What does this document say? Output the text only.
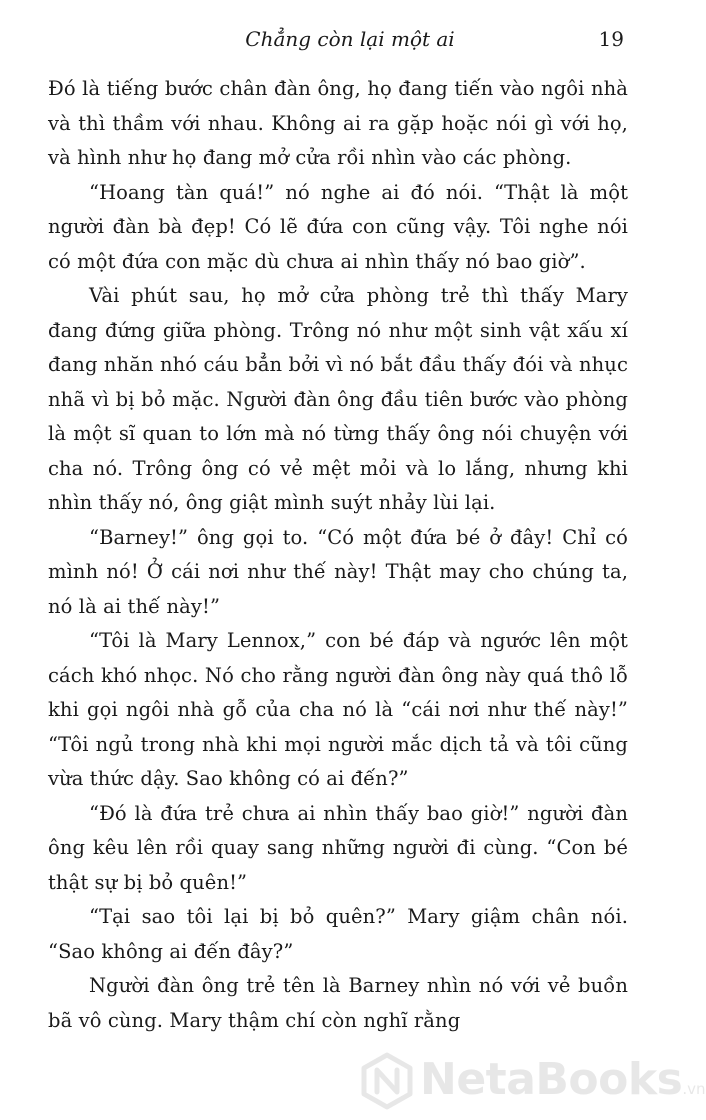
Chẳng còn lại một ai	19

Đó là tiếng bước chân đàn ông, họ đang tiến vào ngôi nhà và thì thầm với nhau. Không ai ra gặp hoặc nói gì với họ, và hình như họ đang mở cửa rồi nhìn vào các phòng.

“Hoang tàn quá!” nó nghe ai đó nói. “Thật là một người đàn bà đẹp! Có lẽ đứa con cũng vậy. Tôi nghe nói có một đứa con mặc dù chưa ai nhìn thấy nó bao giờ”.

Vài phút sau, họ mở cửa phòng trẻ thì thấy Mary đang đứng giữa phòng. Trông nó như một sinh vật xấu xí đang nhăn nhó cáu bẳn bởi vì nó bắt đầu thấy đói và nhục nhã vì bị bỏ mặc. Người đàn ông đầu tiên bước vào phòng là một sĩ quan to lớn mà nó từng thấy ông nói chuyện với cha nó. Trông ông có vẻ mệt mỏi và lo lắng, nhưng khi nhìn thấy nó, ông giật mình suýt nhảy lùi lại.

“Barney!” ông gọi to. “Có một đứa bé ở đây! Chỉ có mình nó! Ở cái nơi như thế này! Thật may cho chúng ta, nó là ai thế này!”

“Tôi là Mary Lennox,” con bé đáp và ngước lên một cách khó nhọc. Nó cho rằng người đàn ông này quá thô lỗ khi gọi ngôi nhà gỗ của cha nó là “cái nơi như thế này!” “Tôi ngủ trong nhà khi mọi người mắc dịch tả và tôi cũng vừa thức dậy. Sao không có ai đến?”

“Đó là đứa trẻ chưa ai nhìn thấy bao giờ!” người đàn ông kêu lên rồi quay sang những người đi cùng. “Con bé thật sự bị bỏ quên!”

“Tại sao tôi lại bị bỏ quên?” Mary giậm chân nói. “Sao không ai đến đây?”

Người đàn ông trẻ tên là Barney nhìn nó với vẻ buồn bã vô cùng. Mary thậm chí còn nghĩ rằng

NetaBooks.vn
